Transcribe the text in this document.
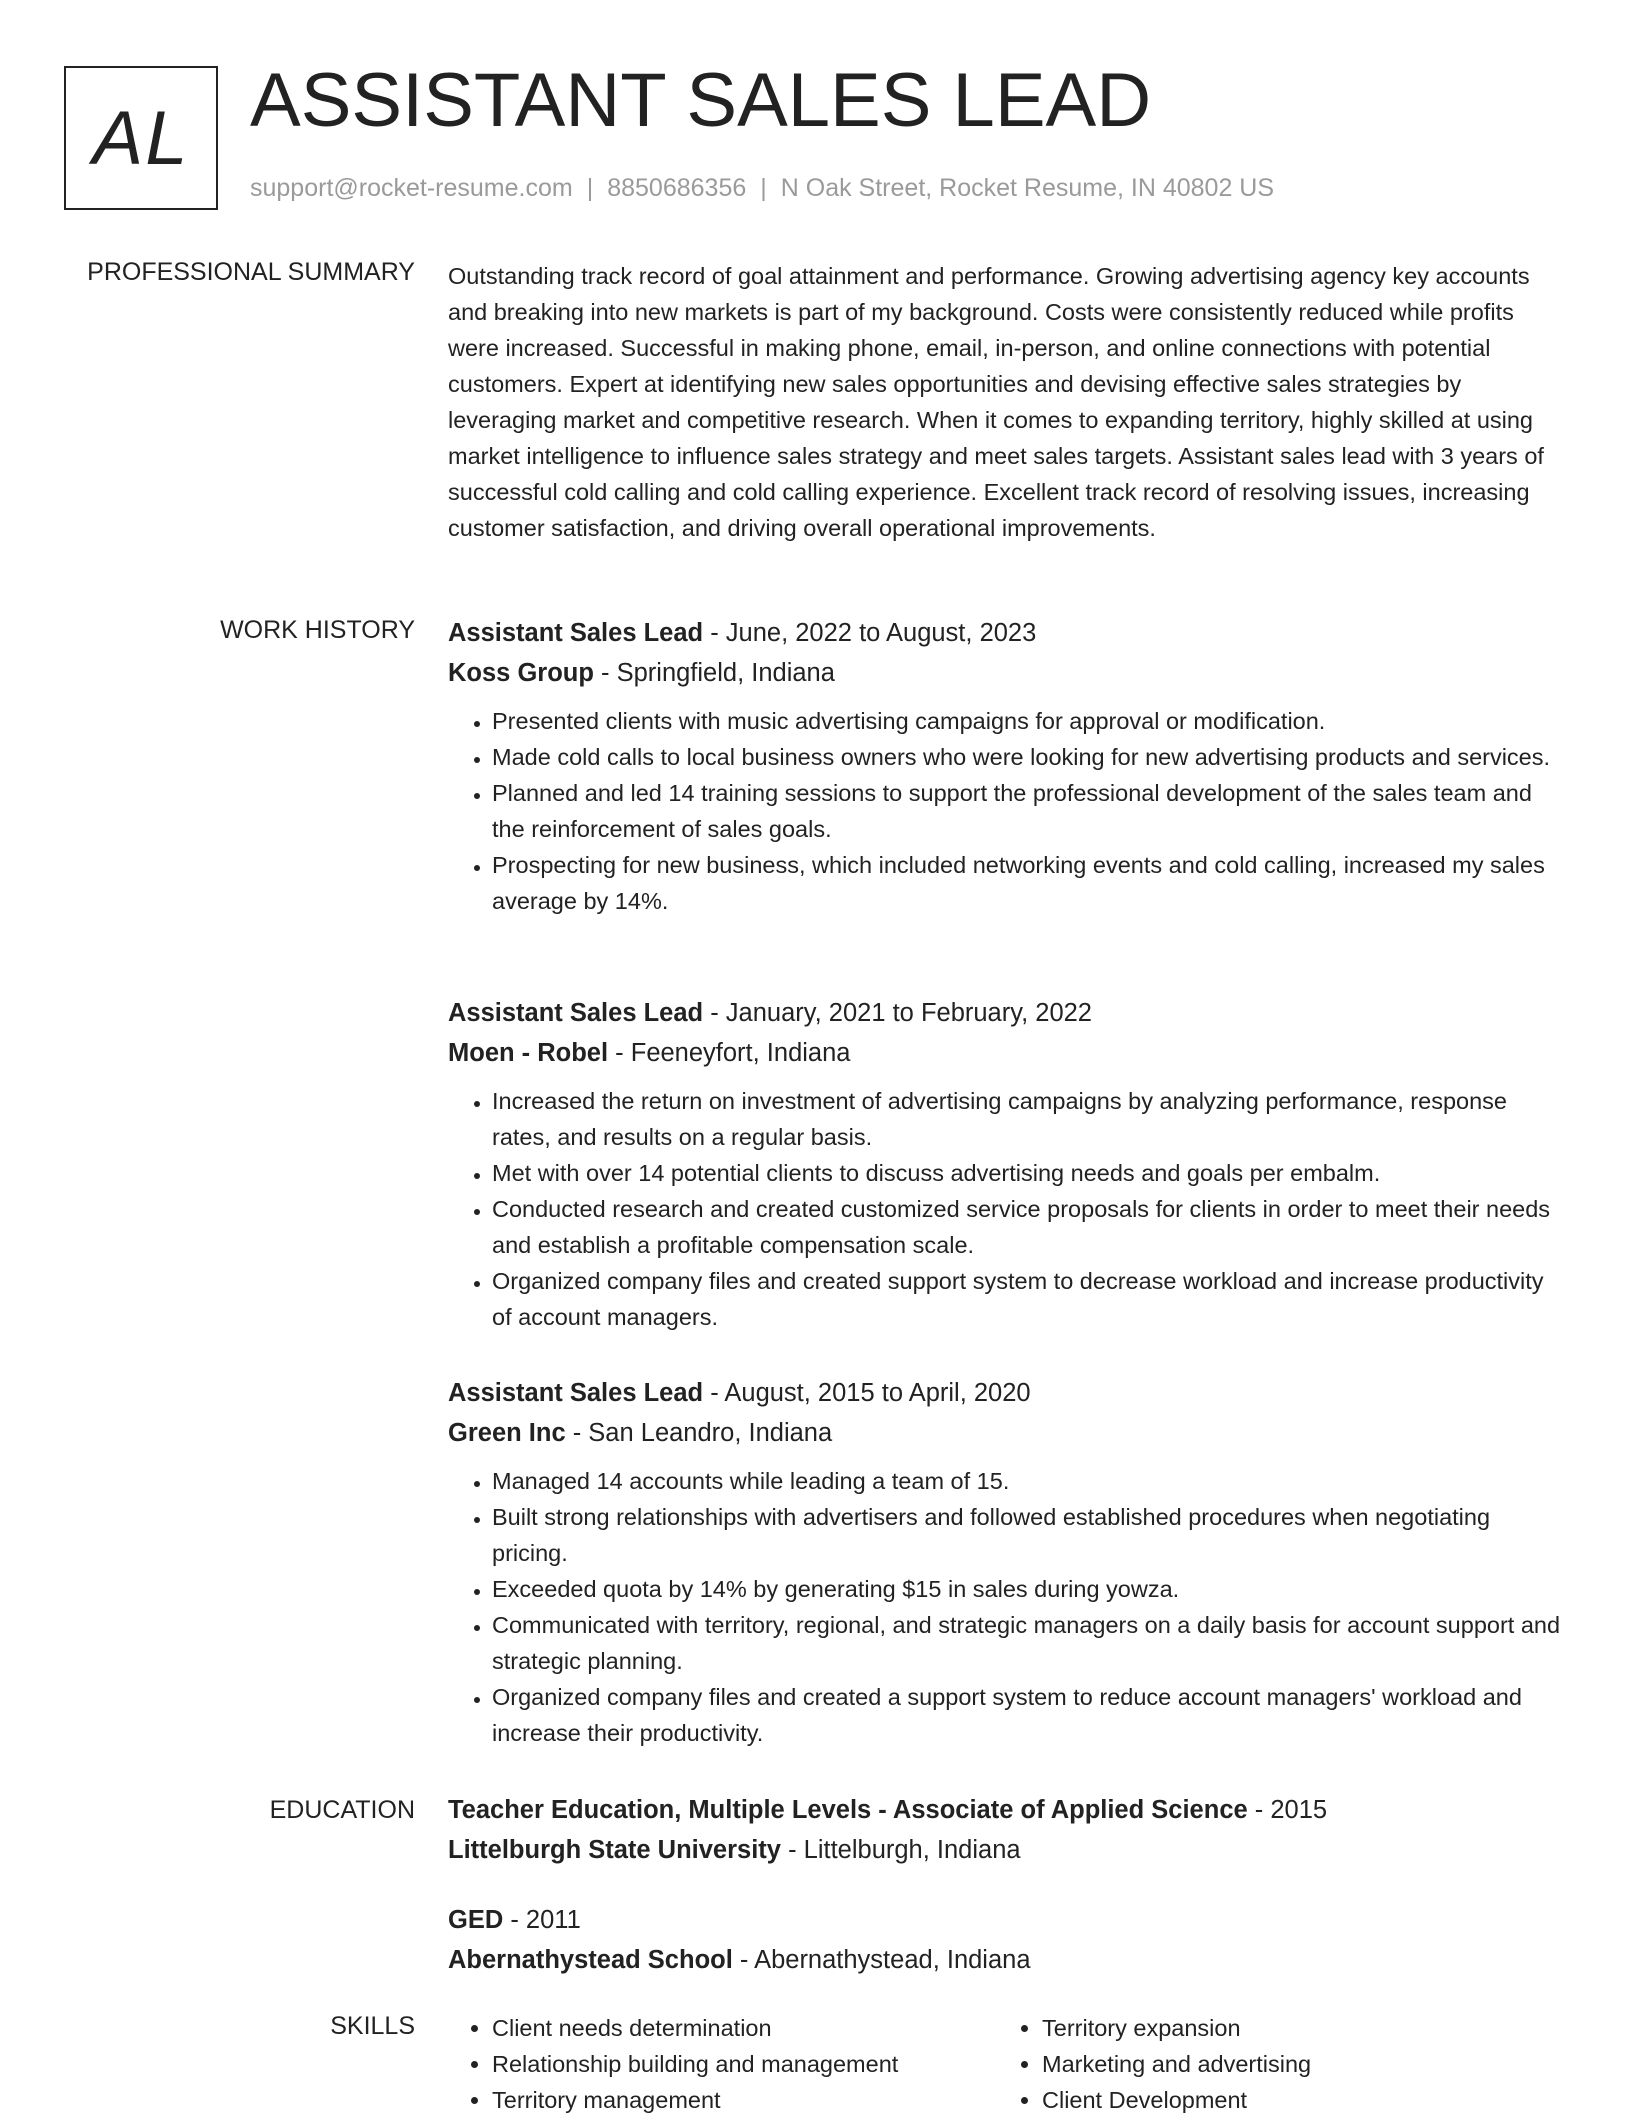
AL ASSISTANT SALES LEAD
support@rocket-resume.com | 8850686356 | N Oak Street, Rocket Resume, IN 40802 US
PROFESSIONAL SUMMARY Outstanding track record of goal attainment and performance. Growing advertising agency key accounts and breaking into new markets is part of my background. Costs were consistently reduced while profits were increased. Successful in making phone, email, in-person, and online connections with potential customers. Expert at identifying new sales opportunities and devising effective sales strategies by leveraging market and competitive research. When it comes to expanding territory, highly skilled at using market intelligence to influence sales strategy and meet sales targets. Assistant sales lead with 3 years of successful cold calling and cold calling experience. Excellent track record of resolving issues, increasing customer satisfaction, and driving overall operational improvements.
WORK HISTORY Assistant Sales Lead - June, 2022 to August, 2023
Koss Group - Springfield, Indiana
• Presented clients with music advertising campaigns for approval or modification.
• Made cold calls to local business owners who were looking for new advertising products and services.
• Planned and led 14 training sessions to support the professional development of the sales team and the reinforcement of sales goals.
• Prospecting for new business, which included networking events and cold calling, increased my sales average by 14%.
Assistant Sales Lead - January, 2021 to February, 2022
Moen - Robel - Feeneyfort, Indiana
• Increased the return on investment of advertising campaigns by analyzing performance, response rates, and results on a regular basis.
• Met with over 14 potential clients to discuss advertising needs and goals per embalm.
• Conducted research and created customized service proposals for clients in order to meet their needs and establish a profitable compensation scale.
• Organized company files and created support system to decrease workload and increase productivity of account managers.
Assistant Sales Lead - August, 2015 to April, 2020
Green Inc - San Leandro, Indiana
• Managed 14 accounts while leading a team of 15.
• Built strong relationships with advertisers and followed established procedures when negotiating pricing.
• Exceeded quota by 14% by generating $15 in sales during yowza.
• Communicated with territory, regional, and strategic managers on a daily basis for account support and strategic planning.
• Organized company files and created a support system to reduce account managers' workload and increase their productivity.
EDUCATION Teacher Education, Multiple Levels - Associate of Applied Science - 2015
Littelburgh State University - Littelburgh, Indiana
GED - 2011
Abernathystead School - Abernathystead, Indiana
SKILLS
•	Client needs determination
• Relationship building and management
• Territory management
• Territory expansion
• Marketing and advertising
• Client Development
